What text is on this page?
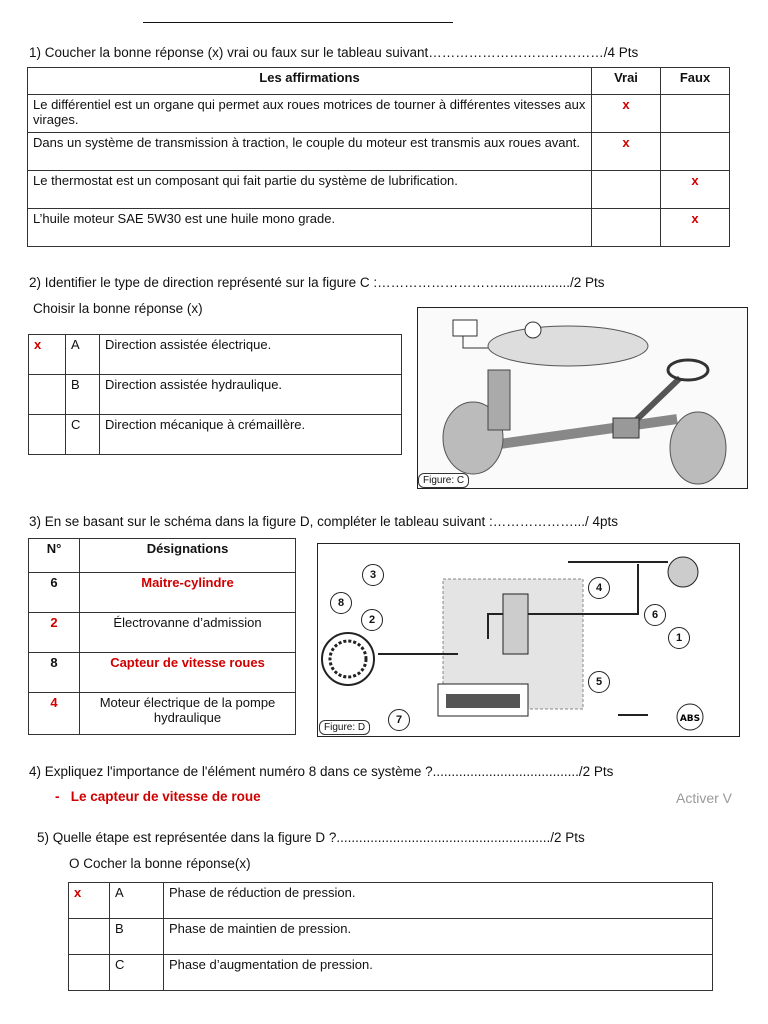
1) Coucher la bonne réponse (x) vrai ou faux sur le tableau suivant…………………………………/4 Pts
Les affirmations	Vrai	Faux
Le différentiel est un organe qui permet aux roues motrices de tourner à différentes vitesses aux virages.	x	
Dans un système de transmission à traction, le couple du moteur est transmis aux roues avant.	x	
Le thermostat est un composant qui fait partie du système de lubrification.		x
L’huile moteur SAE 5W30 est une huile mono grade.		x
2) Identifier le type de direction représenté sur la figure C :……………………….................../2 Pts
Choisir la bonne réponse (x)
x	A	Direction assistée électrique.
	B	Direction assistée hydraulique.
	C	Direction mécanique à crémaillère.
Figure: C
3) En se basant sur le schéma dans la figure D, compléter le tableau suivant :……………….../ 4pts
N°	Désignations
6	Maitre-cylindre
2	Électrovanne d’admission
8	Capteur de vitesse roues
4	Moteur électrique de la pompe hydraulique	ABS
1
2
3
4
5
6
7
8
Figure: D
4) Expliquez l'importance de l'élément numéro 8 dans ce système ?......................................./2 Pts
-   Le capteur de vitesse de roue	Activer V
5) Quelle étape est représentée dans la figure D ?........................................................./2 Pts
O Cocher la bonne réponse(x)
x	A	Phase de réduction de pression.
	B	Phase de maintien de pression.
	C	Phase d’augmentation de pression.
